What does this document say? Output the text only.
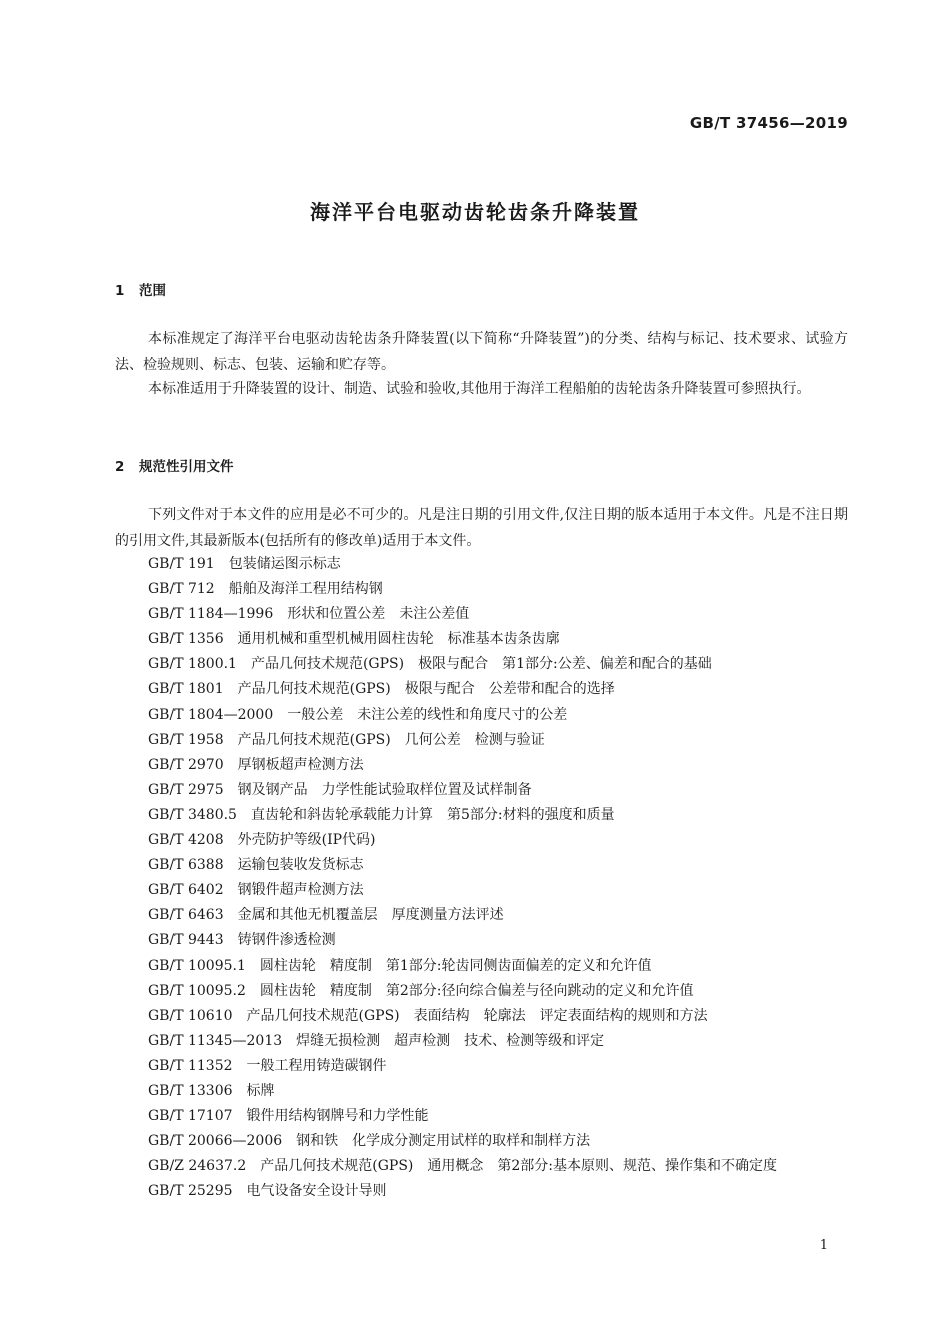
GB/T 37456—2019
海洋平台电驱动齿轮齿条升降装置
1 范围

本标准规定了海洋平台电驱动齿轮齿条升降装置(以下简称“升降装置”)的分类、结构与标记、技术要求、试验方法、检验规则、标志、包装、运输和贮存等。

本标准适用于升降装置的设计、制造、试验和验收,其他用于海洋工程船舶的齿轮齿条升降装置可参照执行。

2 规范性引用文件

下列文件对于本文件的应用是必不可少的。凡是注日期的引用文件,仅注日期的版本适用于本文件。凡是不注日期的引用文件,其最新版本(包括所有的修改单)适用于本文件。

GB/T 191 包装储运图示标志
GB/T 712 船舶及海洋工程用结构钢
GB/T 1184—1996 形状和位置公差　未注公差值
GB/T 1356 通用机械和重型机械用圆柱齿轮　标准基本齿条齿廓
GB/T 1800.1 产品几何技术规范(GPS)　极限与配合　第1部分:公差、偏差和配合的基础
GB/T 1801 产品几何技术规范(GPS)　极限与配合　公差带和配合的选择
GB/T 1804—2000 一般公差　未注公差的线性和角度尺寸的公差
GB/T 1958 产品几何技术规范(GPS)　几何公差　检测与验证
GB/T 2970 厚钢板超声检测方法
GB/T 2975 钢及钢产品　力学性能试验取样位置及试样制备
GB/T 3480.5 直齿轮和斜齿轮承载能力计算　第5部分:材料的强度和质量
GB/T 4208 外壳防护等级(IP代码)
GB/T 6388 运输包装收发货标志
GB/T 6402 钢锻件超声检测方法
GB/T 6463 金属和其他无机覆盖层　厚度测量方法评述
GB/T 9443 铸钢件渗透检测
GB/T 10095.1 圆柱齿轮　精度制　第1部分:轮齿同侧齿面偏差的定义和允许值
GB/T 10095.2 圆柱齿轮　精度制　第2部分:径向综合偏差与径向跳动的定义和允许值
GB/T 10610 产品几何技术规范(GPS)　表面结构　轮廓法　评定表面结构的规则和方法
GB/T 11345—2013 焊缝无损检测　超声检测　技术、检测等级和评定
GB/T 11352 一般工程用铸造碳钢件
GB/T 13306 标牌
GB/T 17107 锻件用结构钢牌号和力学性能
GB/T 20066—2006 钢和铁　化学成分测定用试样的取样和制样方法
GB/Z 24637.2 产品几何技术规范(GPS)　通用概念　第2部分:基本原则、规范、操作集和不确定度
GB/T 25295 电气设备安全设计导则
1
